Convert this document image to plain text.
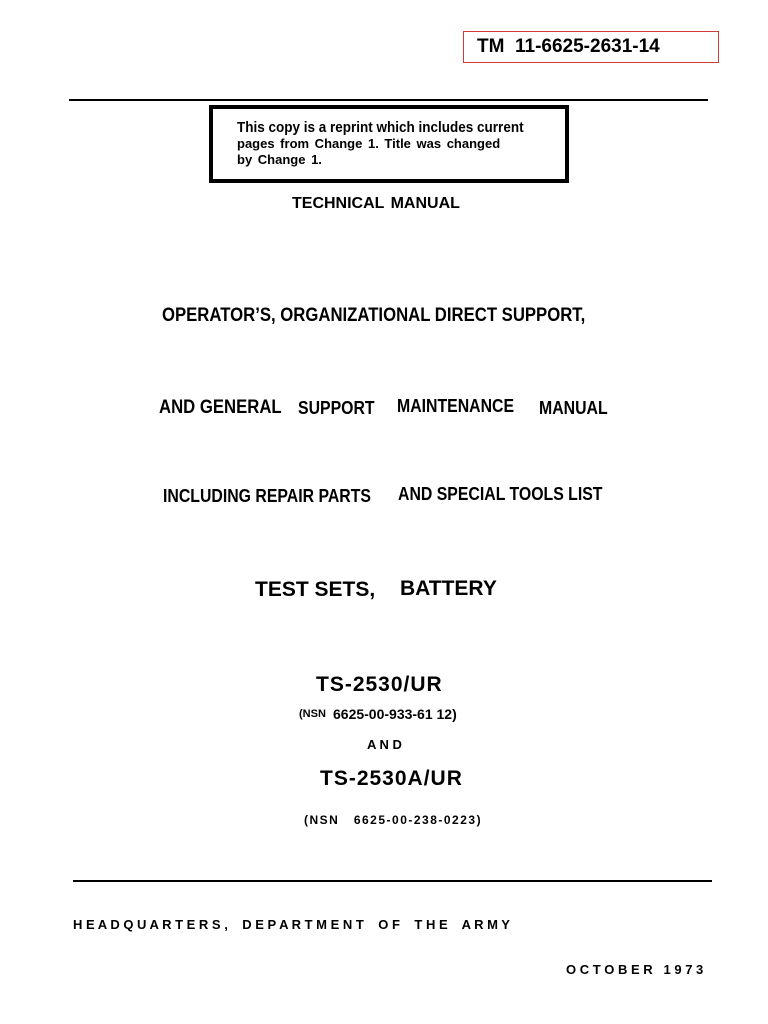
TM  11-6625-2631-14
This copy is a reprint which includes current
pages from Change 1. Title was changed
by Change 1.
TECHNICAL MANUAL
OPERATOR’S, ORGANIZATIONAL DIRECT SUPPORT,
AND GENERAL SUPPORT MAINTENANCE MANUAL
INCLUDING REPAIR PARTS AND SPECIAL TOOLS LIST
TEST SETS, BATTERY
TS-2530/UR
(NSN 6625-00-933-61 12)
A N D
TS-2530A/UR
(NSN   6625-00-238-0223)
H E A D Q U A R T E R S ,    D E P A R T M E N T    O F    T H E    A R M Y
O C T O B E R   1 9 7 3
